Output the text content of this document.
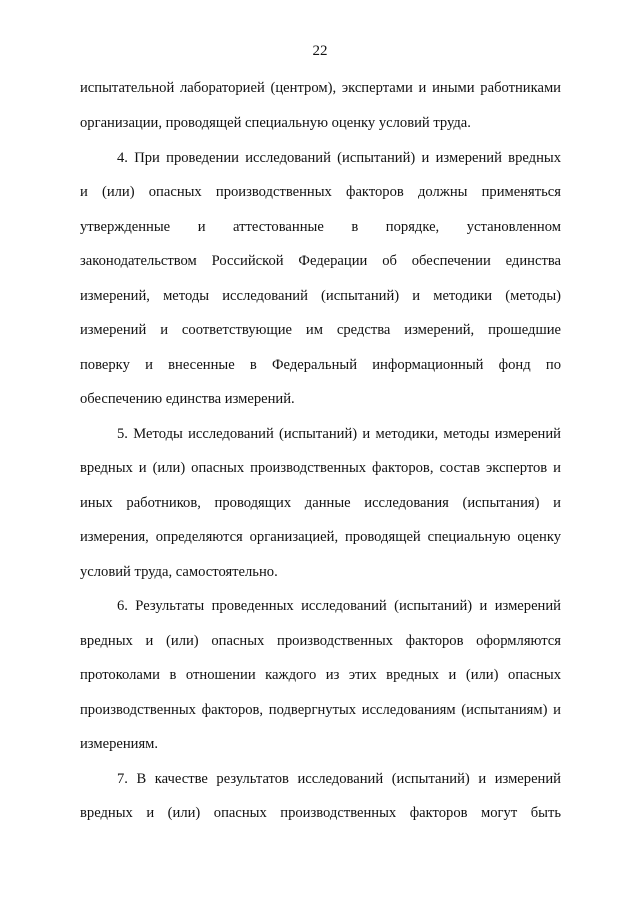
22
испытательной лабораторией (центром), экспертами и иными работниками
организации, проводящей специальную оценку условий труда.
4. При проведении исследований (испытаний) и измерений вредных
и (или) опасных производственных факторов должны применяться
утвержденные и аттестованные в порядке, установленном
законодательством Российской Федерации об обеспечении единства
измерений, методы исследований (испытаний) и методики (методы)
измерений и соответствующие им средства измерений, прошедшие
поверку и внесенные в Федеральный информационный фонд по
обеспечению единства измерений.
5. Методы исследований (испытаний) и методики, методы измерений
вредных и (или) опасных производственных факторов, состав экспертов и
иных работников, проводящих данные исследования (испытания) и
измерения, определяются организацией, проводящей специальную оценку
условий труда, самостоятельно.
6. Результаты проведенных исследований (испытаний) и измерений
вредных и (или) опасных производственных факторов оформляются
протоколами в отношении каждого из этих вредных и (или) опасных
производственных факторов, подвергнутых исследованиям (испытаниям) и
измерениям.
7. В качестве результатов исследований (испытаний) и измерений
вредных и (или) опасных производственных факторов могут быть
